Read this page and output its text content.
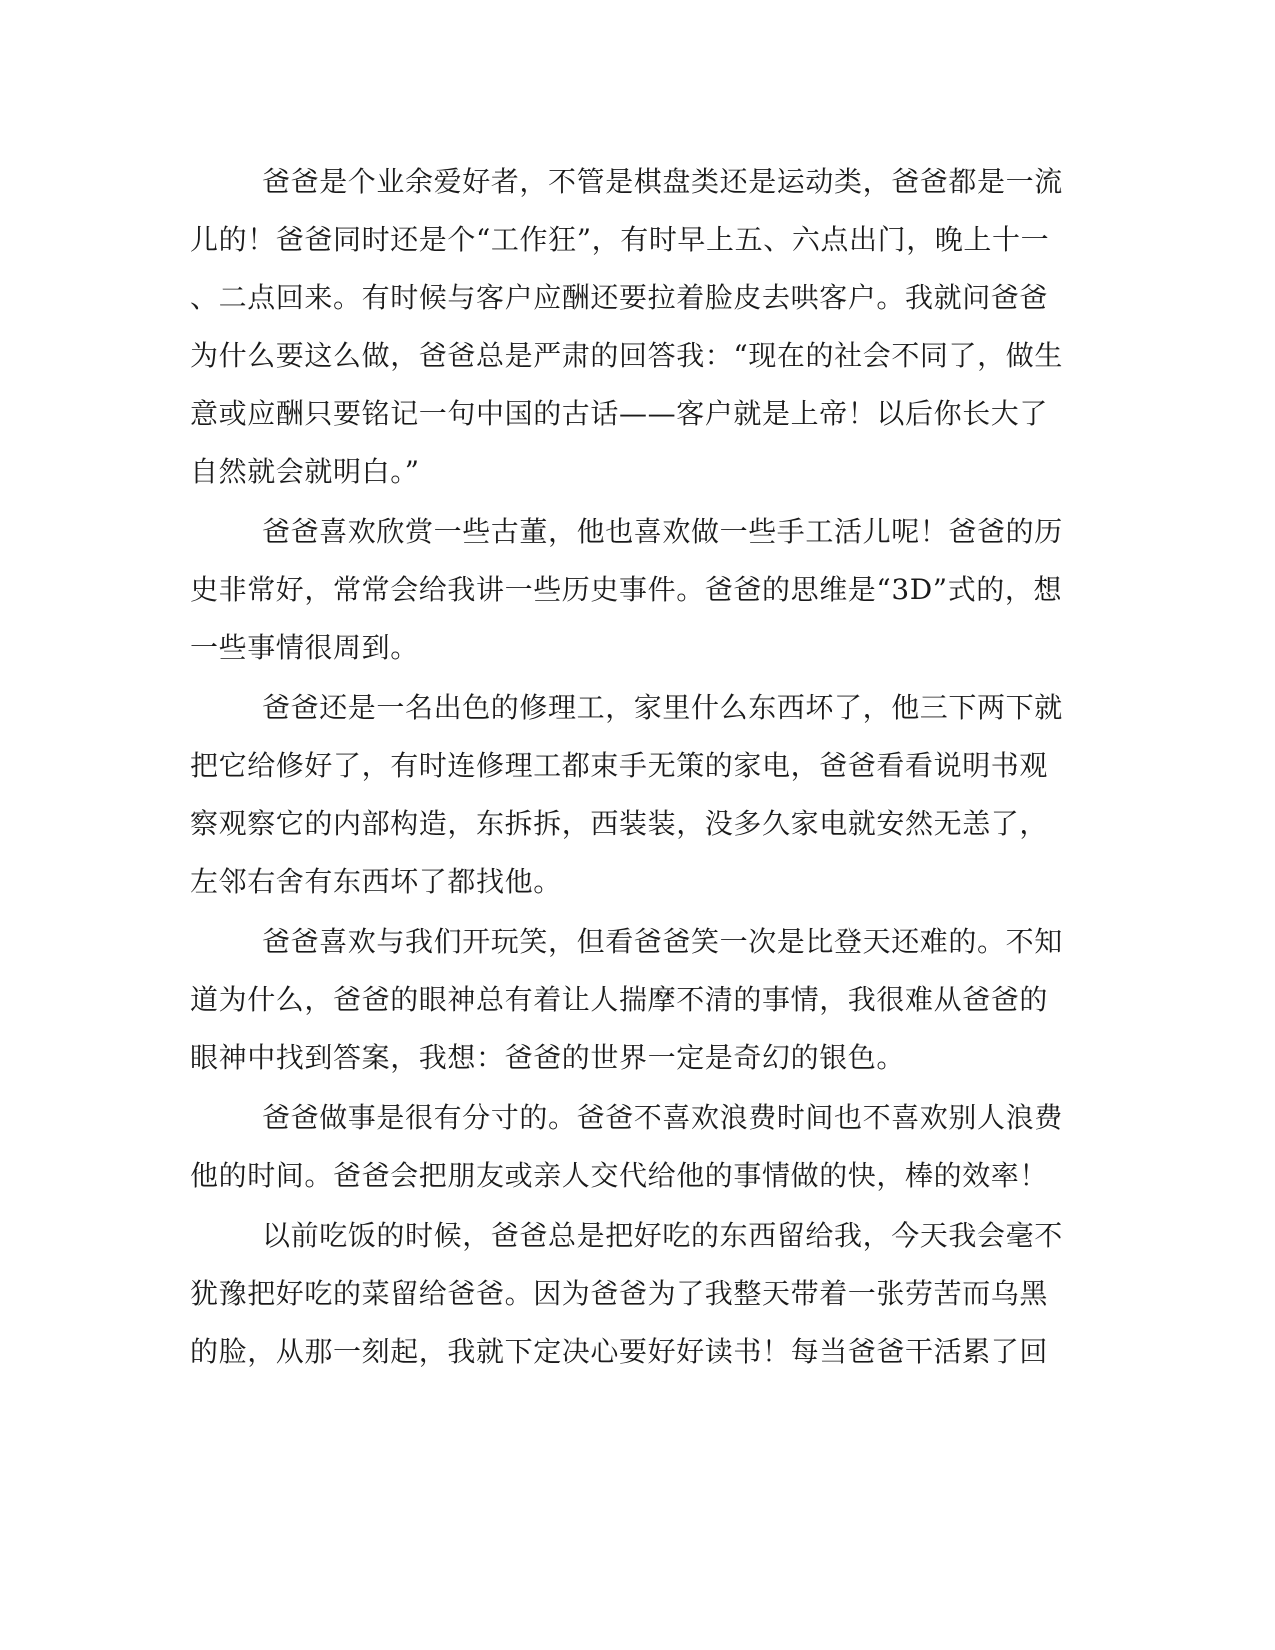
爸爸是个业余爱好者，不管是棋盘类还是运动类，爸爸都是一流
儿的！爸爸同时还是个“工作狂”，有时早上五、六点出门，晚上十一
、二点回来。有时候与客户应酬还要拉着脸皮去哄客户。我就问爸爸
为什么要这么做，爸爸总是严肃的回答我：“现在的社会不同了，做生
意或应酬只要铭记一句中国的古话——客户就是上帝！以后你长大了
自然就会就明白。”
爸爸喜欢欣赏一些古董，他也喜欢做一些手工活儿呢！爸爸的历
史非常好，常常会给我讲一些历史事件。爸爸的思维是“3D”式的，想
一些事情很周到。
爸爸还是一名出色的修理工，家里什么东西坏了，他三下两下就
把它给修好了，有时连修理工都束手无策的家电，爸爸看看说明书观
察观察它的内部构造，东拆拆，西装装，没多久家电就安然无恙了，
左邻右舍有东西坏了都找他。
爸爸喜欢与我们开玩笑，但看爸爸笑一次是比登天还难的。不知
道为什么，爸爸的眼神总有着让人揣摩不清的事情，我很难从爸爸的
眼神中找到答案，我想：爸爸的世界一定是奇幻的银色。
爸爸做事是很有分寸的。爸爸不喜欢浪费时间也不喜欢别人浪费
他的时间。爸爸会把朋友或亲人交代给他的事情做的快，棒的效率！
以前吃饭的时候，爸爸总是把好吃的东西留给我，今天我会毫不
犹豫把好吃的菜留给爸爸。因为爸爸为了我整天带着一张劳苦而乌黑
的脸，从那一刻起，我就下定决心要好好读书！每当爸爸干活累了回
